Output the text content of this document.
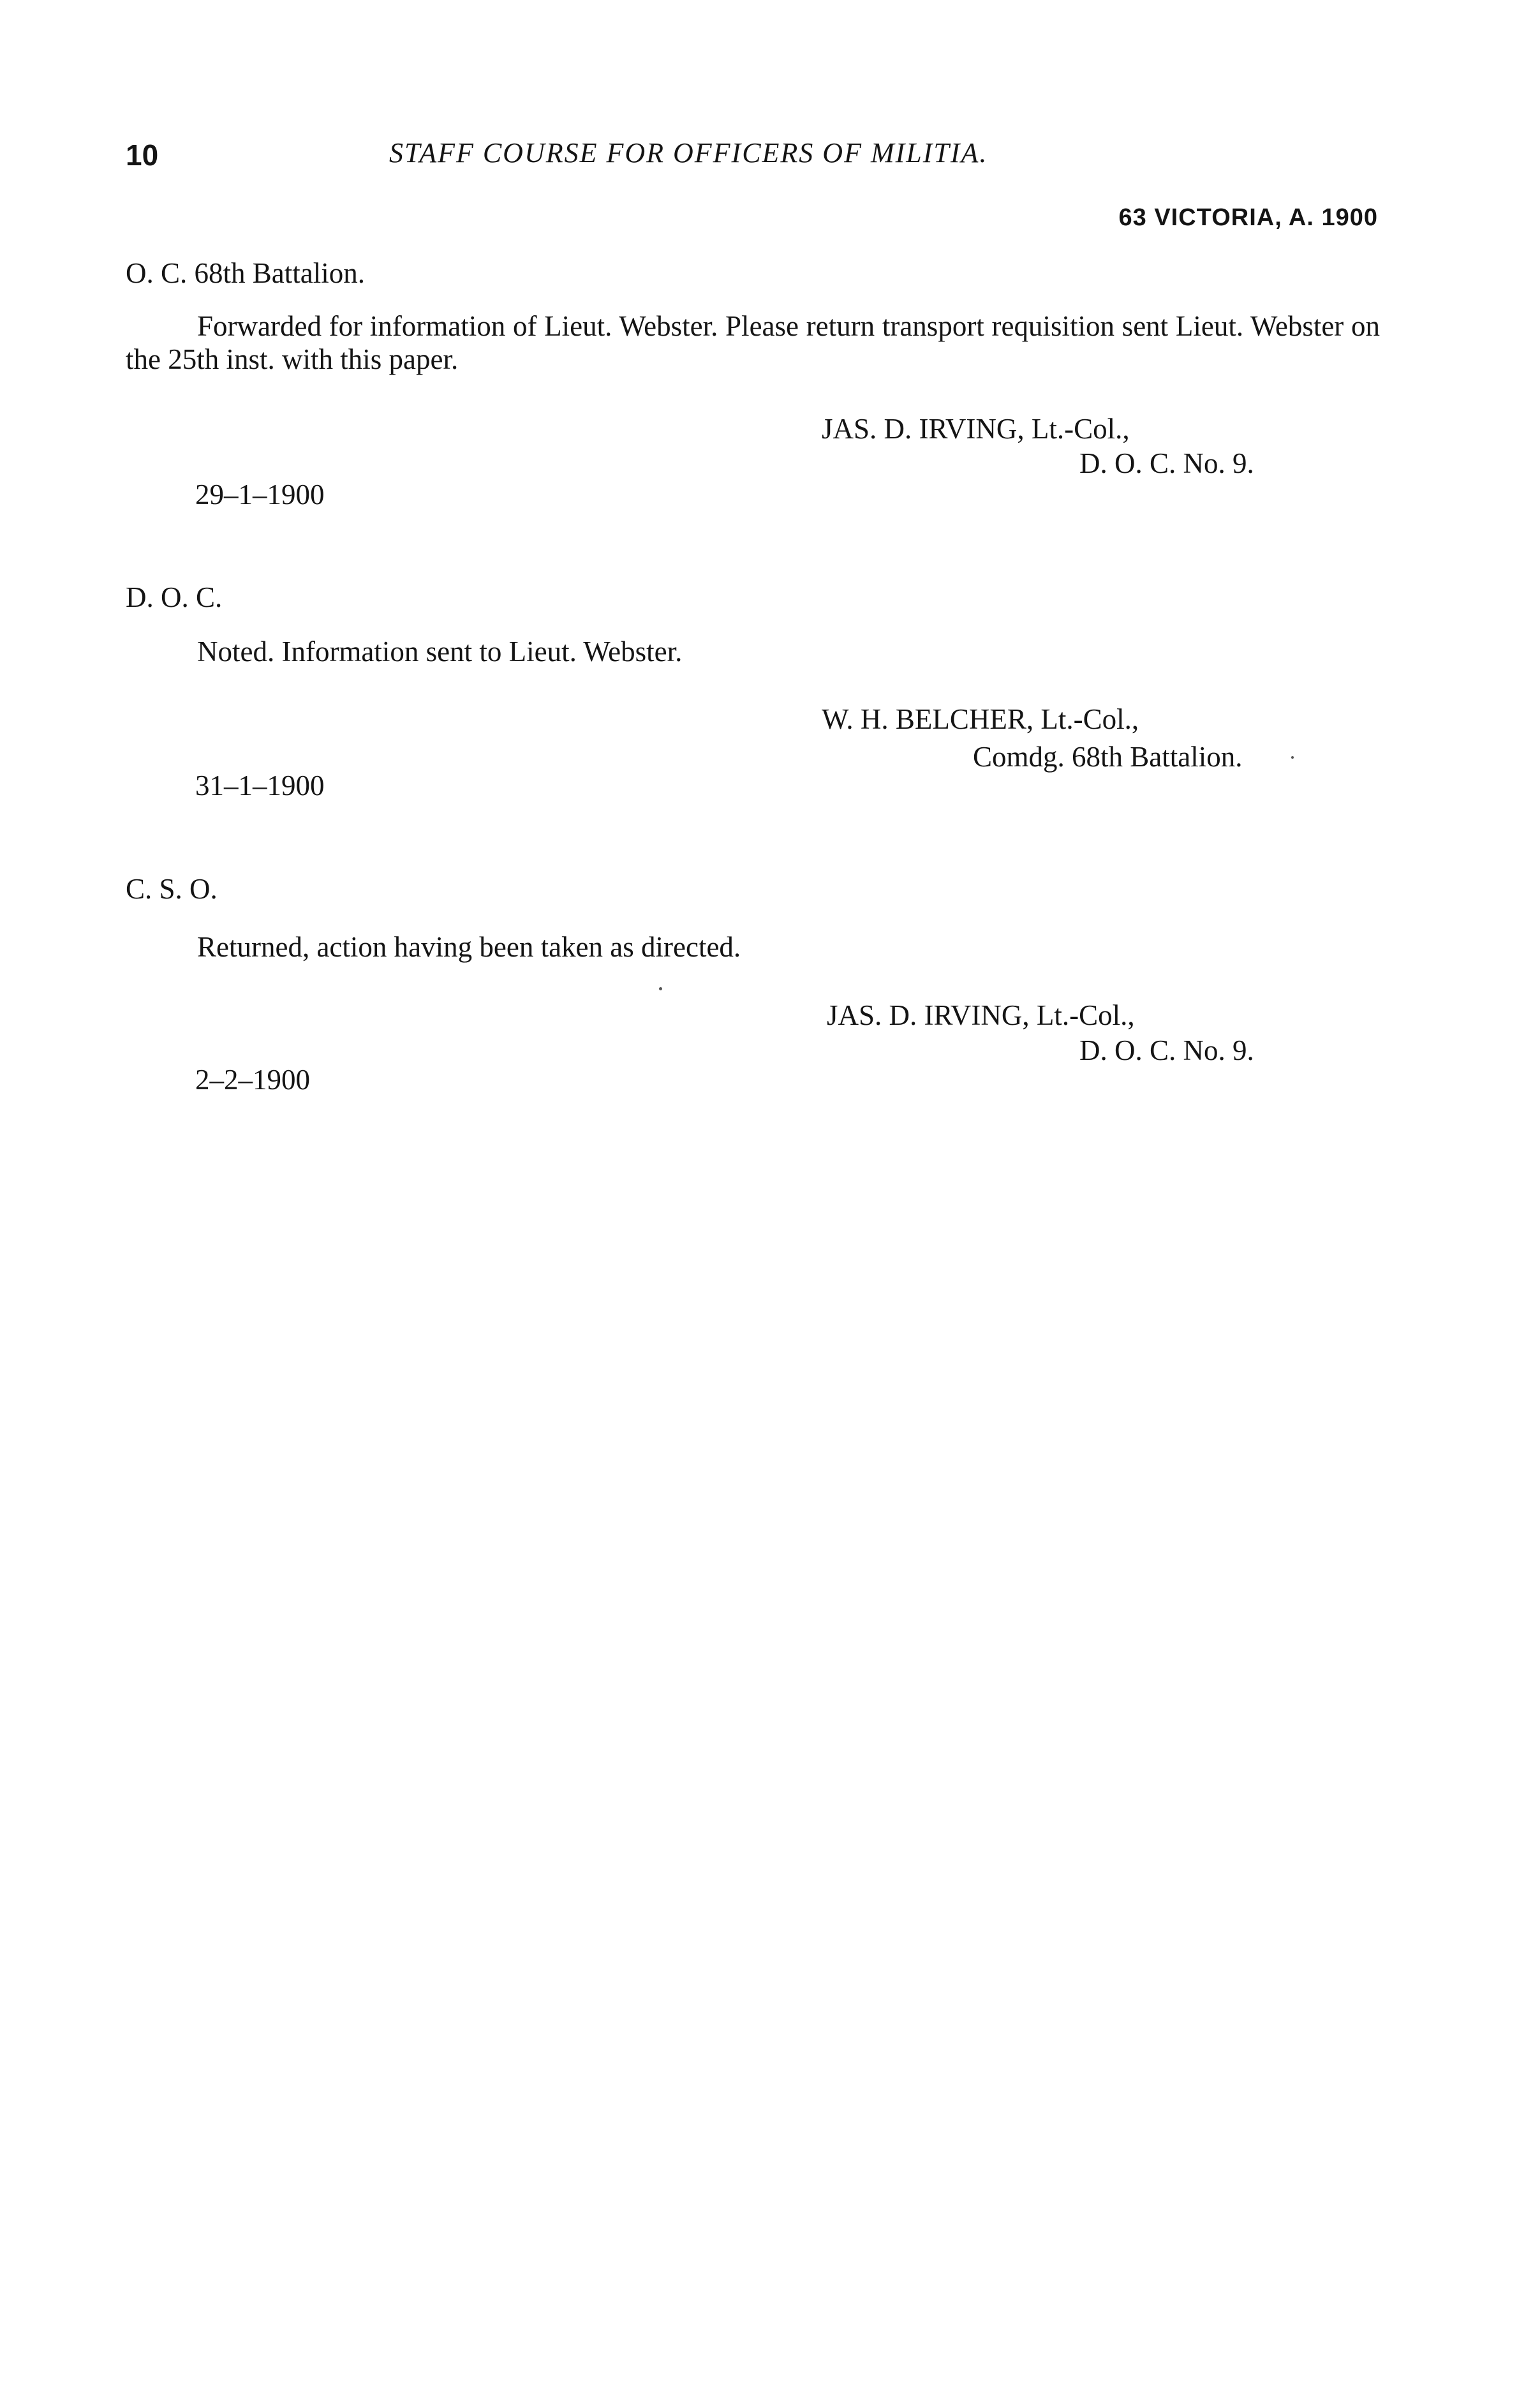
10	STAFF COURSE FOR OFFICERS OF MILITIA.
63 VICTORIA, A. 1900
O. C. 68th Battalion.
Forwarded for information of Lieut. Webster. Please return transport requisition sent Lieut. Webster on the 25th inst. with this paper.
JAS. D. IRVING, Lt.-Col.,
D. O. C. No. 9.
29–1–1900
D. O. C.
Noted. Information sent to Lieut. Webster.
W. H. BELCHER, Lt.-Col.,
Comdg. 68th Battalion.
31–1–1900
C. S. O.
Returned, action having been taken as directed.
JAS. D. IRVING, Lt.-Col.,
D. O. C. No. 9.
2–2–1900
